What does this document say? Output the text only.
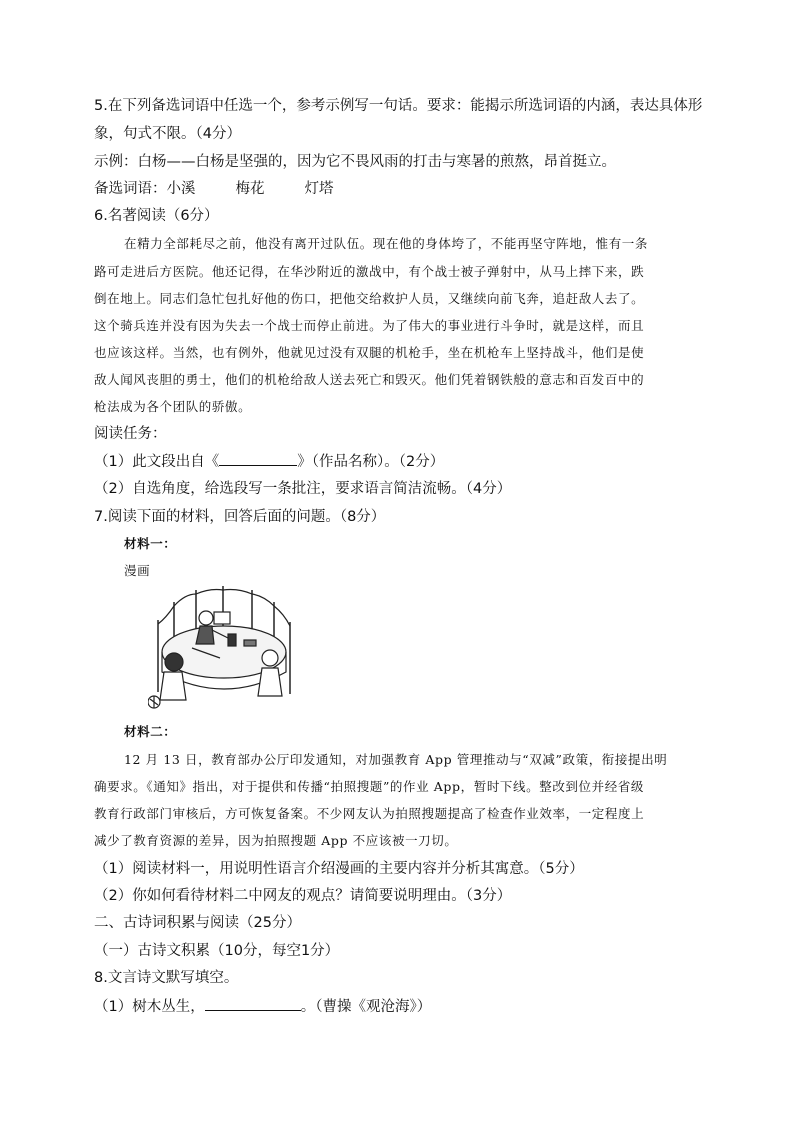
5.在下列备选词语中任选一个，参考示例写一句话。要求：能揭示所选词语的内涵，表达具体形
象，句式不限。（4分）
示例：白杨——白杨是坚强的，因为它不畏风雨的打击与寒暑的煎熬，昂首挺立。
备选词语：小溪	梅花	灯塔
6.名著阅读（6分）
在精力全部耗尽之前，他没有离开过队伍。现在他的身体垮了，不能再坚守阵地，惟有一条
路可走进后方医院。他还记得，在华沙附近的激战中，有个战士被子弹射中，从马上摔下来，跌
倒在地上。同志们急忙包扎好他的伤口，把他交给救护人员，又继续向前飞奔，追赶敌人去了。
这个骑兵连并没有因为失去一个战士而停止前进。为了伟大的事业进行斗争时，就是这样，而且
也应该这样。当然，也有例外，他就见过没有双腿的机枪手，坐在机枪车上坚持战斗，他们是使
敌人闻风丧胆的勇士，他们的机枪给敌人送去死亡和毁灭。他们凭着钢铁般的意志和百发百中的
枪法成为各个团队的骄傲。
阅读任务：
（1）此文段出自《	》（作品名称）。（2分）
（2）自选角度，给选段写一条批注，要求语言简洁流畅。（4分）
7.阅读下面的材料，回答后面的问题。（8分）
材料一：
漫画
材料二：
12 月 13 日，教育部办公厅印发通知，对加强教育 App 管理推动与“双减”政策，衔接提出明
确要求。《通知》指出，对于提供和传播“拍照搜题”的作业 App，暂时下线。整改到位并经省级
教育行政部门审核后，方可恢复备案。不少网友认为拍照搜题提高了检查作业效率，一定程度上
减少了教育资源的差异，因为拍照搜题 App 不应该被一刀切。
（1）阅读材料一，用说明性语言介绍漫画的主要内容并分析其寓意。（5分）
（2）你如何看待材料二中网友的观点？请简要说明理由。（3分）
二、古诗词积累与阅读（25分）
（一）古诗文积累（10分，每空1分）
8.文言诗文默写填空。
（1）树木丛生，	。（曹操《观沧海》）
